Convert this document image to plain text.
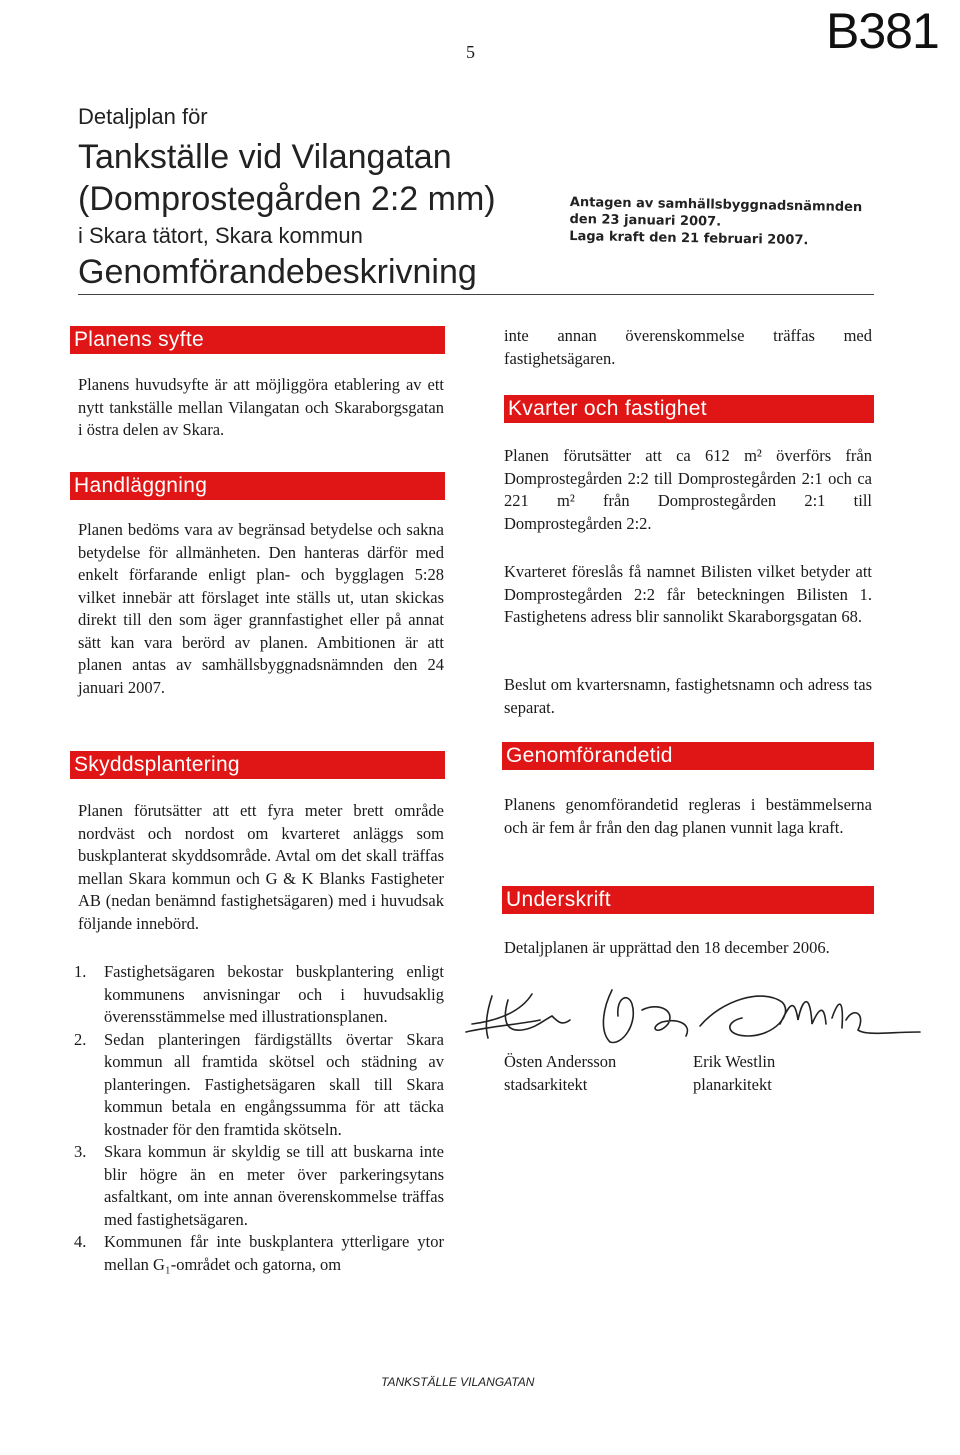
B381
5
Detaljplan för
Tankställe vid Vilangatan
(Domprostegården 2:2 mm)
i Skara tätort, Skara kommun
Genomförandebeskrivning
Antagen av samhällsbyggnadsnämnden
den 23 januari 2007.
Laga kraft den 21 februari 2007.
Planens syfte

Planens huvudsyfte är att möjliggöra etablering av ett nytt tankställe mellan Vilangatan och Skaraborgsgatan i östra delen av Skara.

Handläggning

Planen bedöms vara av begränsad betydelse och sakna betydelse för allmänheten. Den hanteras därför med enkelt förfarande enligt plan- och bygglagen 5:28 vilket innebär att förslaget inte ställs ut, utan skickas direkt till den som äger grannfastighet eller på annat sätt kan vara berörd av planen. Ambitionen är att planen antas av samhällsbyggnadsnämnden den 24 januari 2007.

Skyddsplantering

Planen förutsätter att ett fyra meter brett område nordväst och nordost om kvarteret anläggs som buskplanterat skyddsområde. Avtal om det skall träffas mellan Skara kommun och G & K Blanks Fastigheter AB (nedan benämnd fastighetsägaren) med i huvudsak följande innebörd.

1. Fastighetsägaren bekostar buskplantering enligt kommunens anvisningar och i huvudsaklig överensstämmelse med illustrationsplanen.
2. Sedan planteringen färdigställts övertar Skara kommun all framtida skötsel och städning av planteringen. Fastighetsägaren skall till Skara kommun betala en engångssumma för att täcka kostnader för den framtida skötseln.
3. Skara kommun är skyldig se till att buskarna inte blir högre än en meter över parkeringsytans asfaltkant, om inte annan överenskommelse träffas med fastighetsägaren.
4. Kommunen får inte buskplantera ytterligare ytor mellan G₁-området och gatorna, om

inte annan överenskommelse träffas med fastighetsägaren.

Kvarter och fastighet

Planen förutsätter att ca 612 m² överförs från Domprostegården 2:2 till Domprostegården 2:1 och ca 221 m² från Domprostegården 2:1 till Domprostegården 2:2.

Kvarteret föreslås få namnet Bilisten vilket betyder att Domprostegården 2:2 får beteckningen Bilisten 1. Fastighetens adress blir sannolikt Skaraborgsgatan 68.

Beslut om kvartersnamn, fastighetsnamn och adress tas separat.

Genomförandetid

Planens genomförandetid regleras i bestämmelserna och är fem år från den dag planen vunnit laga kraft.

Underskrift

Detaljplanen är upprättad den 18 december 2006.

Östen Andersson
stadsarkitekt
Erik Westlin
planarkitekt
TANKSTÄLLE VILANGATAN
